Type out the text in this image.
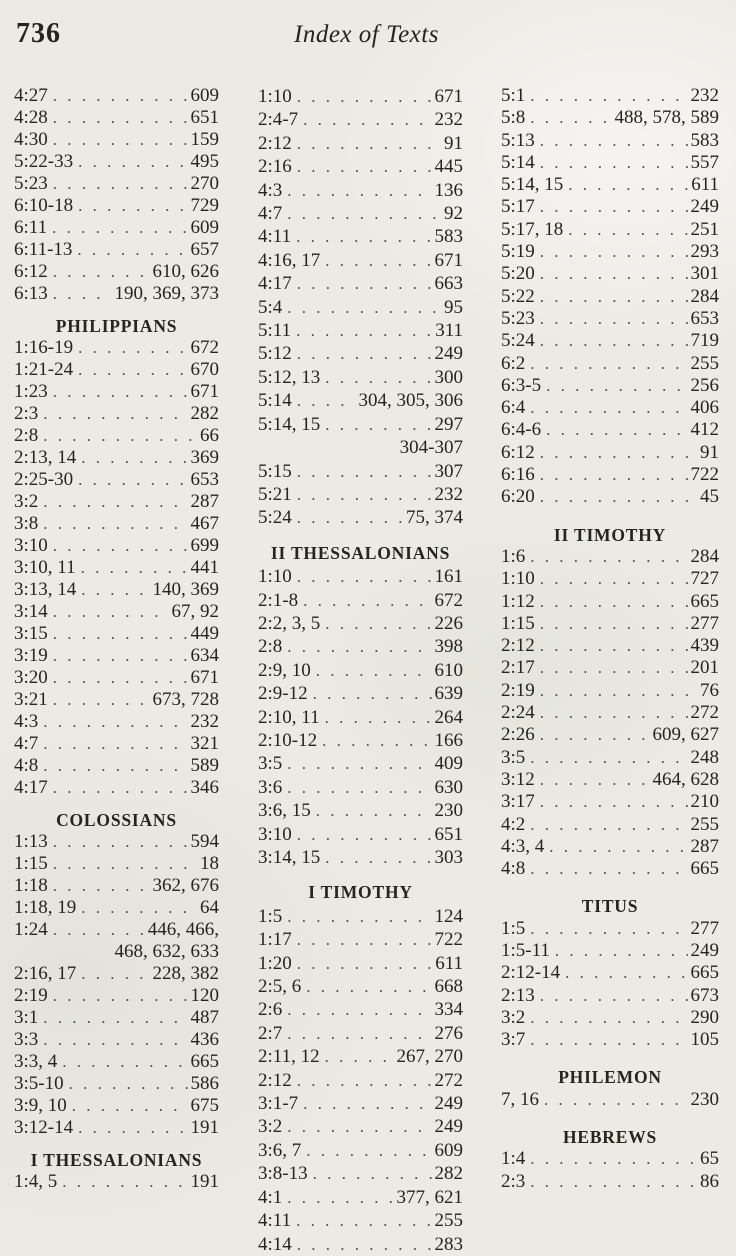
736	Index of Texts
4:27 . . .	609
4:28 . . .	651
4:30 . . .	159
5:22-33 . . .	495
5:23 . . .	270
6:10-18 . . .	729
6:11 . . .	609
6:11-13 . . .	657
6:12 . . .	610, 626
6:13 . . .	190, 369, 373
PHILIPPIANS
1:16-19 . . .	672
1:21-24 . . .	670
1:23 . . .	671
2:3 . . .	282
2:8 . . .	66
2:13, 14 . . .	369
2:25-30 . . .	653
3:2 . . .	287
3:8 . . .	467
3:10 . . .	699
3:10, 11 . . .	441
3:13, 14 . . .	140, 369
3:14 . . .	67, 92
3:15 . . .	449
3:19 . . .	634
3:20 . . .	671
3:21 . . .	673, 728
4:3 . . .	232
4:7 . . .	321
4:8 . . .	589
4:17 . . .	346
COLOSSIANS
1:13 . . .	594
1:15 . . .	18
1:18 . . .	362, 676
1:18, 19 . . .	64
1:24 . . .	446, 466,
468, 632, 633
2:16, 17 . . .	228, 382
2:19 . . .	120
3:1 . . .	487
3:3 . . .	436
3:3, 4 . . .	665
3:5-10 . . .	586
3:9, 10 . . .	675
3:12-14 . . .	191
I THESSALONIANS
1:4, 5 . . .	191
1:10 . . .	671
2:4-7 . . .	232
2:12 . . .	91
2:16 . . .	445
4:3 . . .	136
4:7 . . .	92
4:11 . . .	583
4:16, 17 . . .	671
4:17 . . .	663
5:4 . . .	95
5:11 . . .	311
5:12 . . .	249
5:12, 13 . . .	300
5:14 . . .	304, 305, 306
5:14, 15 . . .	297
304-307
5:15 . . .	307
5:21 . . .	232
5:24 . . .	75, 374
II THESSALONIANS
1:10 . . .	161
2:1-8 . . .	672
2:2, 3, 5 . . .	226
2:8 . . .	398
2:9, 10 . . .	610
2:9-12 . . .	639
2:10, 11 . . .	264
2:10-12 . . .	166
3:5 . . .	409
3:6 . . .	630
3:6, 15 . . .	230
3:10 . . .	651
3:14, 15 . . .	303
I TIMOTHY
1:5 . . .	124
1:17 . . .	722
1:20 . . .	611
2:5, 6 . . .	668
2:6 . . .	334
2:7 . . .	276
2:11, 12 . . .	267, 270
2:12 . . .	272
3:1-7 . . .	249
3:2 . . .	249
3:6, 7 . . .	609
3:8-13 . . .	282
4:1 . . .	377, 621
4:11 . . .	255
4:14 . . .	283
5:1 . . .	232
5:8 . . .	488, 578, 589
5:13 . . .	583
5:14 . . .	557
5:14, 15 . . .	611
5:17 . . .	249
5:17, 18 . . .	251
5:19 . . .	293
5:20 . . .	301
5:22 . . .	284
5:23 . . .	653
5:24 . . .	719
6:2 . . .	255
6:3-5 . . .	256
6:4 . . .	406
6:4-6 . . .	412
6:12 . . .	91
6:16 . . .	722
6:20 . . .	45
II TIMOTHY
1:6 . . .	284
1:10 . . .	727
1:12 . . .	665
1:15 . . .	277
2:12 . . .	439
2:17 . . .	201
2:19 . . .	76
2:24 . . .	272
2:26 . . .	609, 627
3:5 . . .	248
3:12 . . .	464, 628
3:17 . . .	210
4:2 . . .	255
4:3, 4 . . .	287
4:8 . . .	665
TITUS
1:5 . . .	277
1:5-11 . . .	249
2:12-14 . . .	665
2:13 . . .	673
3:2 . . .	290
3:7 . . .	105
PHILEMON
7, 16 . . .	230
HEBREWS
1:4 . . .	65
2:3 . . .	86
